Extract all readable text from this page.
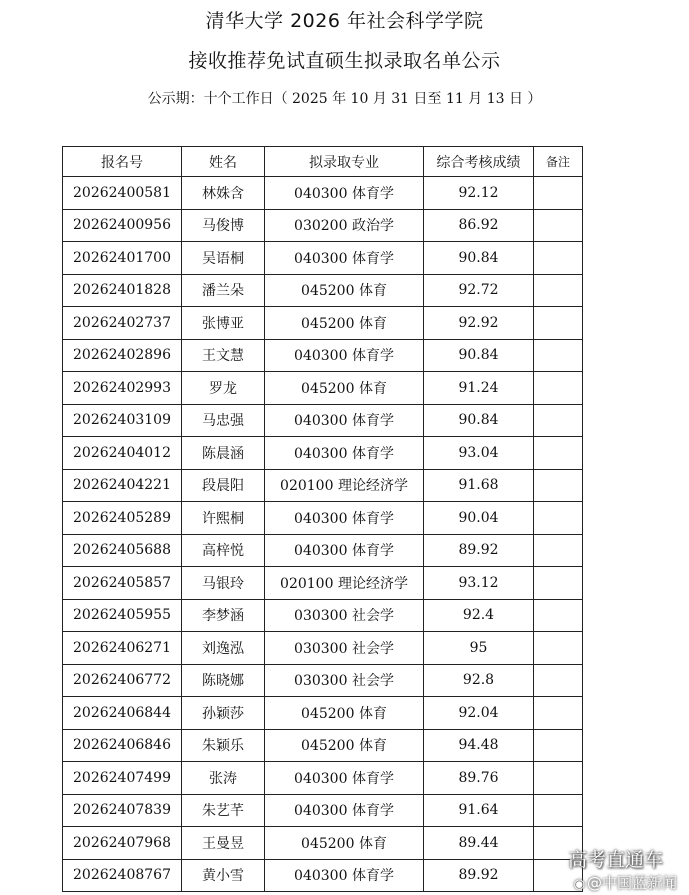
清华大学 2026 年社会科学学院
接收推荐免试直硕生拟录取名单公示
公示期：十个工作日（ 2025 年 10 月 31 日至 11 月 13 日 ）
报名号	姓名	拟录取专业	综合考核成绩	备注
20262400581	林姝含	040300 体育学	92.12	
20262400956	马俊博	030200 政治学	86.92	
20262401700	吴语桐	040300 体育学	90.84	
20262401828	潘兰朵	045200 体育	92.72	
20262402737	张博亚	045200 体育	92.92	
20262402896	王文慧	040300 体育学	90.84	
20262402993	罗龙	045200 体育	91.24	
20262403109	马忠强	040300 体育学	90.84	
20262404012	陈晨涵	040300 体育学	93.04	
20262404221	段晨阳	020100 理论经济学	91.68	
20262405289	许熙桐	040300 体育学	90.04	
20262405688	高梓悦	040300 体育学	89.92	
20262405857	马银玲	020100 理论经济学	93.12	
20262405955	李梦涵	030300 社会学	92.4	
20262406271	刘逸泓	030300 社会学	95	
20262406772	陈晓娜	030300 社会学	92.8	
20262406844	孙颖莎	045200 体育	92.04	
20262406846	朱颖乐	045200 体育	94.48	
20262407499	张涛	040300 体育学	89.76	
20262407839	朱艺芊	040300 体育学	91.64	
20262407968	王曼昱	045200 体育	89.44	
20262408767	黄小雪	040300 体育学	89.92	
高考直通车
◉ @中国蓝新闻
